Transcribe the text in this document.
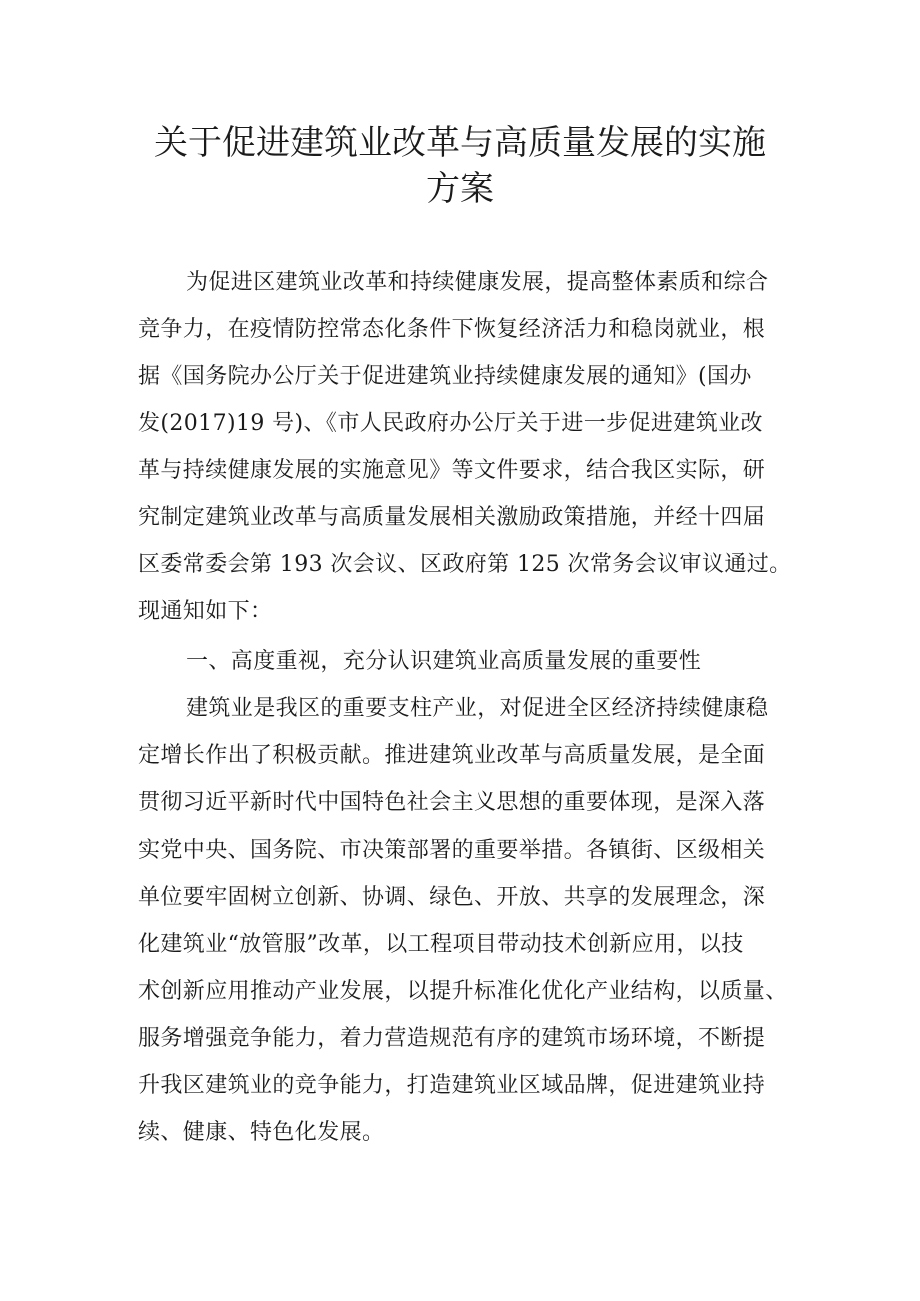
关于促进建筑业改革与高质量发展的实施
方案

为促进区建筑业改革和持续健康发展，提高整体素质和综合

竞争力，在疫情防控常态化条件下恢复经济活力和稳岗就业，根

据《国务院办公厅关于促进建筑业持续健康发展的通知》(国办

发(2017)19 号)、《市人民政府办公厅关于进一步促进建筑业改

革与持续健康发展的实施意见》等文件要求，结合我区实际，研

究制定建筑业改革与高质量发展相关激励政策措施，并经十四届

区委常委会第 193 次会议、区政府第 125 次常务会议审议通过。

现通知如下：

一、高度重视，充分认识建筑业高质量发展的重要性

建筑业是我区的重要支柱产业，对促进全区经济持续健康稳

定增长作出了积极贡献。推进建筑业改革与高质量发展，是全面

贯彻习近平新时代中国特色社会主义思想的重要体现，是深入落

实党中央、国务院、市决策部署的重要举措。各镇街、区级相关

单位要牢固树立创新、协调、绿色、开放、共享的发展理念，深

化建筑业“放管服”改革，以工程项目带动技术创新应用，以技

术创新应用推动产业发展，以提升标准化优化产业结构，以质量、

服务增强竞争能力，着力营造规范有序的建筑市场环境，不断提

升我区建筑业的竞争能力，打造建筑业区域品牌，促进建筑业持

续、健康、特色化发展。
